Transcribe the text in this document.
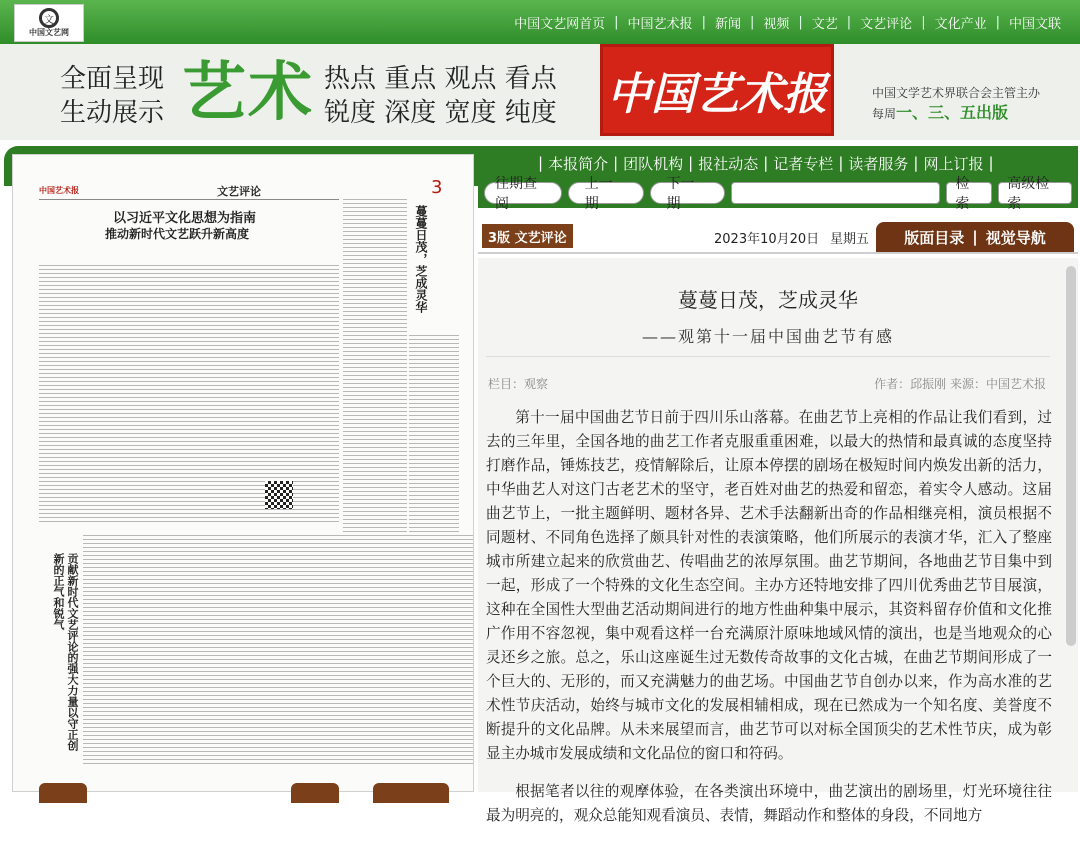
文
中国文艺网
中国文艺网首页 | 中国艺术报 | 新闻 | 视频 | 文艺 | 文艺评论 | 文化产业 | 中国文联
全面呈现
生动展示 艺术 热点 重点 观点 看点
锐度 深度 宽度 纯度 中国艺术报	中国文学艺术界联合会主管主办
每周一、三、五出版
中国艺术报	文艺评论	3
以习近平文化思想为指南
推动新时代文艺跃升新高度	蔓蔓日茂，芝成灵华
贡献新时代文艺评论的强大力量以守正创新的正气和锐气
| 本报简介 | 团队机构 | 报社动态 | 记者专栏 | 读者服务 | 网上订报 |
往期查阅
上一期
下一期
检索
高级检索
3版 文艺评论	2023年10月20日 星期五 版面目录 | 视觉导航
蔓蔓日茂，芝成灵华
——观第十一届中国曲艺节有感
栏目：观察	作者：邱振刚 来源：中国艺术报

第十一届中国曲艺节日前于四川乐山落幕。在曲艺节上亮相的作品让我们看到，过去的三年里，全国各地的曲艺工作者克服重重困难，以最大的热情和最真诚的态度坚持打磨作品，锤炼技艺，疫情解除后，让原本停摆的剧场在极短时间内焕发出新的活力，中华曲艺人对这门古老艺术的坚守，老百姓对曲艺的热爱和留恋，着实令人感动。这届曲艺节上，一批主题鲜明、题材各异、艺术手法翻新出奇的作品相继亮相，演员根据不同题材、不同角色选择了颇具针对性的表演策略，他们所展示的表演才华，汇入了整座城市所建立起来的欣赏曲艺、传唱曲艺的浓厚氛围。曲艺节期间，各地曲艺节目集中到一起，形成了一个特殊的文化生态空间。主办方还特地安排了四川优秀曲艺节目展演，这种在全国性大型曲艺活动期间进行的地方性曲种集中展示，其资料留存价值和文化推广作用不容忽视，集中观看这样一台充满原汁原味地域风情的演出，也是当地观众的心灵还乡之旅。总之，乐山这座诞生过无数传奇故事的文化古城，在曲艺节期间形成了一个巨大的、无形的，而又充满魅力的曲艺场。中国曲艺节自创办以来，作为高水准的艺术性节庆活动，始终与城市文化的发展相辅相成，现在已然成为一个知名度、美誉度不断提升的文化品牌。从未来展望而言，曲艺节可以对标全国顶尖的艺术性节庆，成为彰显主办城市发展成绩和文化品位的窗口和符码。

根据笔者以往的观摩体验，在各类演出环境中，曲艺演出的剧场里，灯光环境往往最为明亮的，观众总能知观看演员、表情，舞蹈动作和整体的身段，不同地方
